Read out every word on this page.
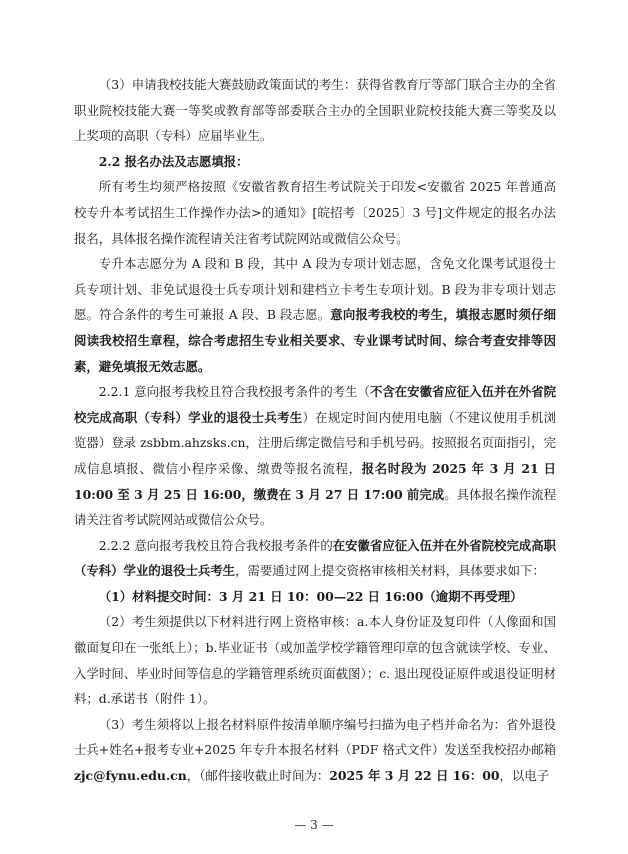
（3）申请我校技能大赛鼓励政策面试的考生：获得省教育厅等部门联合主办的全省职业院校技能大赛一等奖或教育部等部委联合主办的全国职业院校技能大赛三等奖及以上奖项的高职（专科）应届毕业生。

2.2 报名办法及志愿填报：

所有考生均须严格按照《安徽省教育招生考试院关于印发<安徽省 2025 年普通高校专升本考试招生工作操作办法>的通知》[皖招考〔2025〕3 号]文件规定的报名办法报名，具体报名操作流程请关注省考试院网站或微信公众号。

专升本志愿分为 A 段和 B 段，其中 A 段为专项计划志愿，含免文化课考试退役士兵专项计划、非免试退役士兵专项计划和建档立卡考生专项计划。B 段为非专项计划志愿。符合条件的考生可兼报 A 段、B 段志愿。意向报考我校的考生，填报志愿时须仔细阅读我校招生章程，综合考虑招生专业相关要求、专业课考试时间、综合考查安排等因素，避免填报无效志愿。

2.2.1 意向报考我校且符合我校报考条件的考生（不含在安徽省应征入伍并在外省院校完成高职（专科）学业的退役士兵考生）在规定时间内使用电脑（不建议使用手机浏览器）登录 zsbbm.ahzsks.cn，注册后绑定微信号和手机号码。按照报名页面指引，完成信息填报、微信小程序采像、缴费等报名流程，报名时段为 2025 年 3 月 21 日 10:00 至 3 月 25 日 16:00，缴费在 3 月 27 日 17:00 前完成。具体报名操作流程请关注省考试院网站或微信公众号。

2.2.2 意向报考我校且符合我校报考条件的在安徽省应征入伍并在外省院校完成高职（专科）学业的退役士兵考生，需要通过网上提交资格审核相关材料，具体要求如下：

（1）材料提交时间：3 月 21 日 10：00—22 日 16:00（逾期不再受理）

（2）考生须提供以下材料进行网上资格审核：a.本人身份证及复印件（人像面和国徽面复印在一张纸上）；b.毕业证书（或加盖学校学籍管理印章的包含就读学校、专业、入学时间、毕业时间等信息的学籍管理系统页面截图）；c. 退出现役证原件或退役证明材料；d.承诺书（附件 1）。

（3）考生须将以上报名材料原件按清单顺序编号扫描为电子档并命名为：省外退役士兵+姓名+报考专业+2025 年专升本报名材料（PDF 格式文件）发送至我校招办邮箱 zjc@fynu.edu.cn，（邮件接收截止时间为：2025 年 3 月 22 日 16：00，以电子

— 3 —
